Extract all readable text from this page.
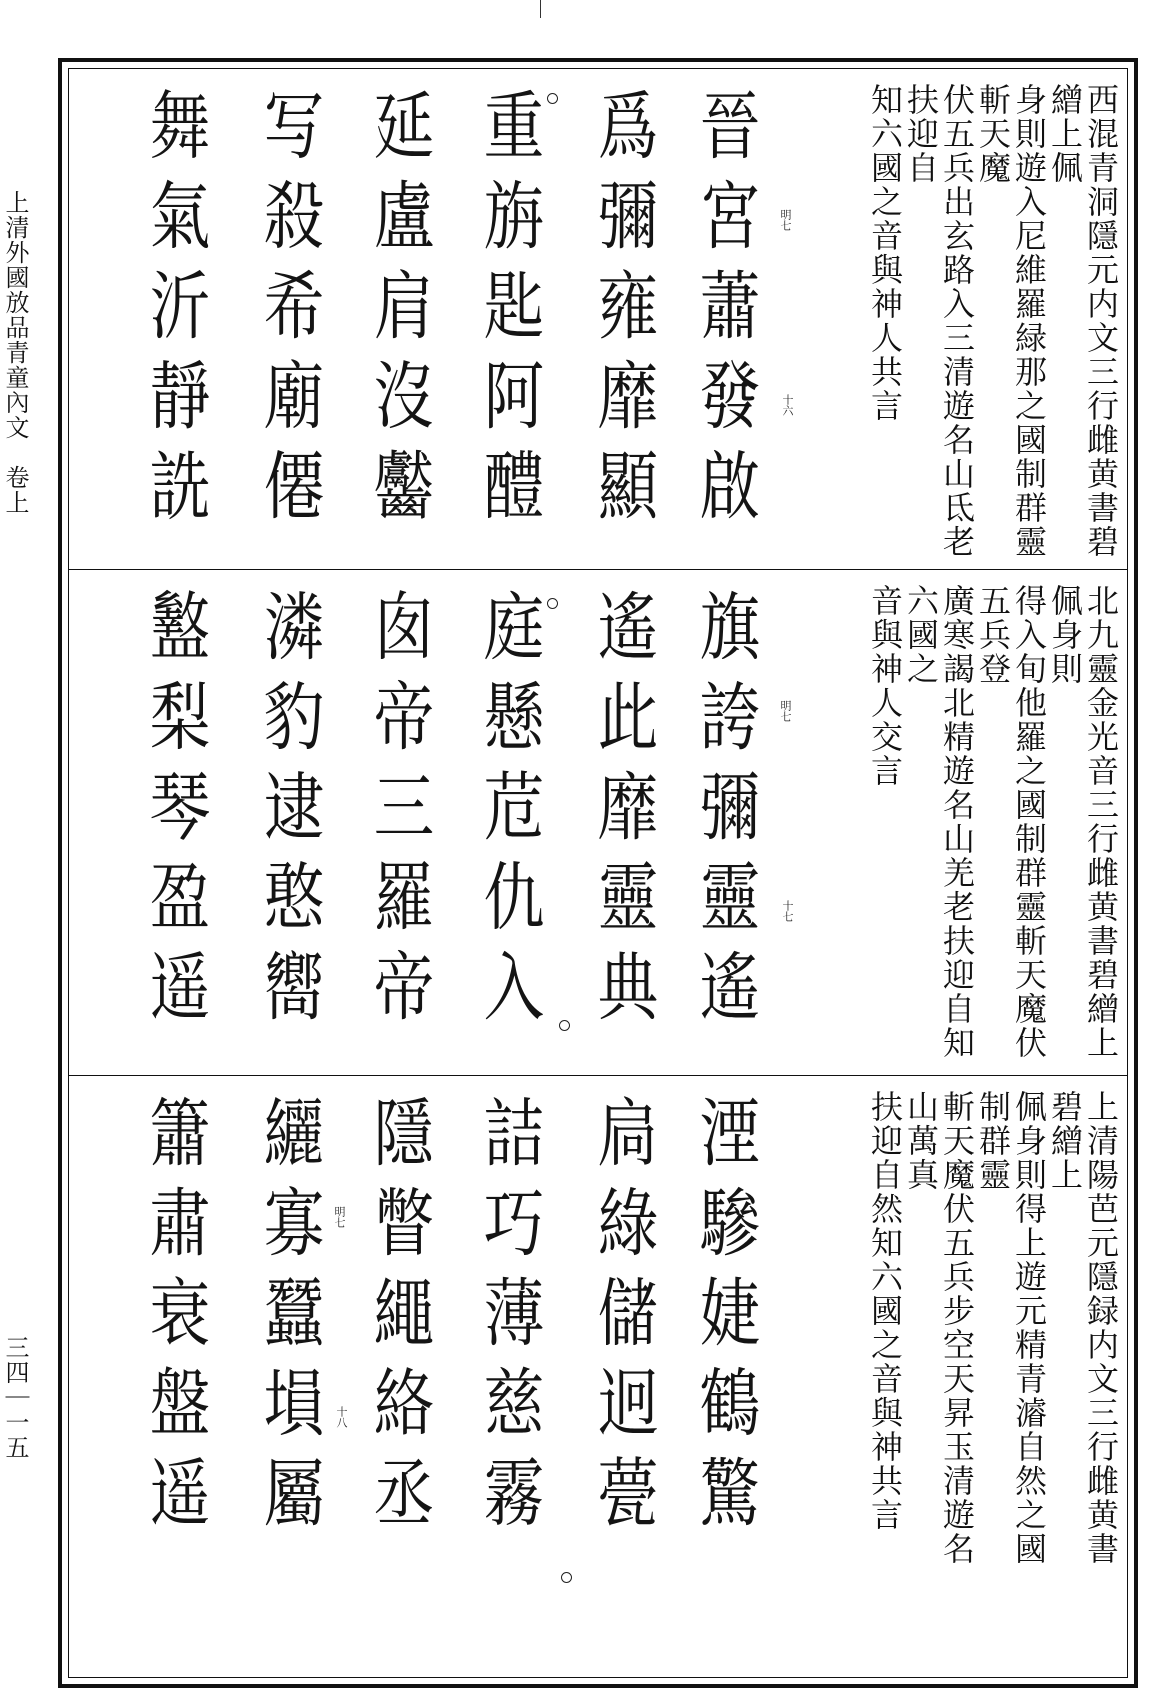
上清外國放品青童內文　卷上
三四｜一五
西混青洞隱元内文三行雌黄書碧繒上佩
身則遊入尼維羅緑那之國制群靈斬天魔
伏五兵出玄路入三清遊名山氐老扶迎自
知六國之音與神人共言
晉宮蕭發啟
爲彌雍靡顯
重旃匙阿醴
延盧肩沒齾
写殺希廟僊
舞氣沂靜詵	明七
十六
北九靈金光音三行雌黄書碧繒上佩身則
得入旬他羅之國制群靈斬天魔伏五兵登
廣寒謁北精遊名山羌老扶迎自知六國之
音與神人交言
旗誇彌靈遙
遙此靡靈典
庭懸苊仇入
囱帝三羅帝
潾豹逮憨嚮
盭梨琴盈遥	明七
十七
上清陽芭元隱録内文三行雌黄書碧繒上
佩身則得上遊元精青𤀹自然之國制群靈
斬天魔伏五兵步空天昇玉清遊名山萬真
扶迎自然知六國之音與神共言
湮驂婕鶴驚
扃綠儲迥甍
詰巧薄慈霧
隱瞥繩絡丞
纚寡蠶塤屬
簫肅衰盤遥	明七
十八
